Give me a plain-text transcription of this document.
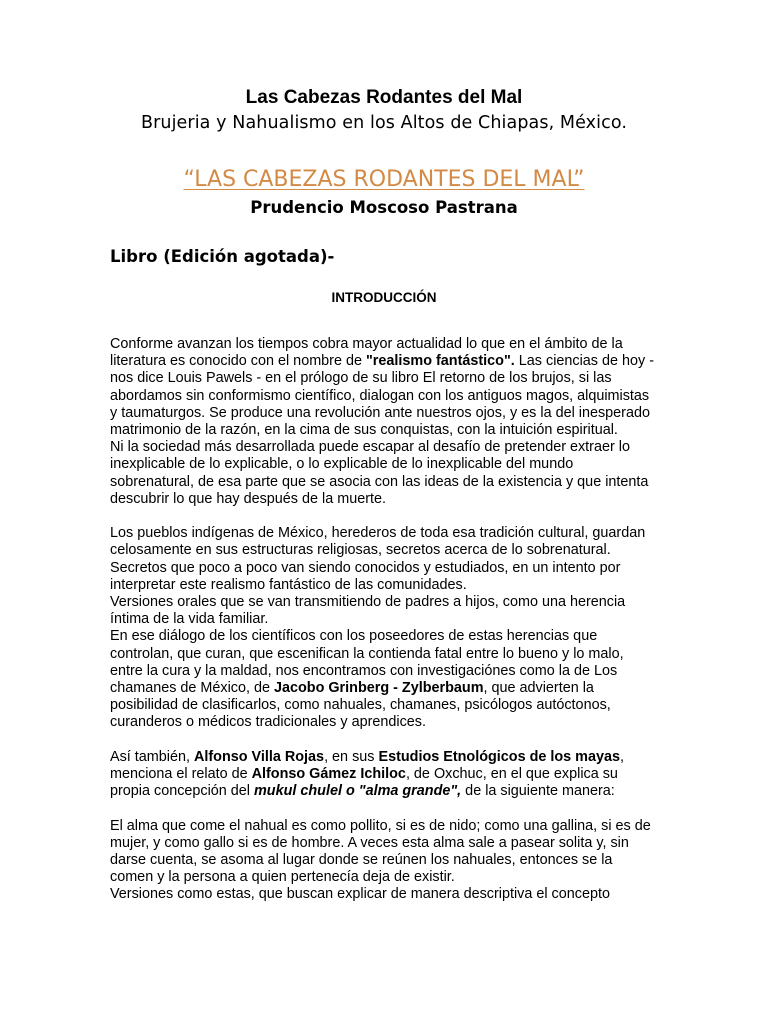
Las Cabezas Rodantes del Mal
Brujeria y Nahualismo en los Altos de Chiapas, México.
“LAS CABEZAS RODANTES DEL MAL”
Prudencio Moscoso Pastrana
Libro (Edición agotada)-
INTRODUCCIÓN

Conforme avanzan los tiempos cobra mayor actualidad lo que en el ámbito de la literatura es conocido con el nombre de "realismo fantástico". Las ciencias de hoy - nos dice Louis Pawels - en el prólogo de su libro El retorno de los brujos, si las abordamos sin conformismo científico, dialogan con los antiguos magos, alquimistas y taumaturgos. Se produce una revolución ante nuestros ojos, y es la del inesperado matrimonio de la razón, en la cima de sus conquistas, con la intuición espiritual.

Ni la sociedad más desarrollada puede escapar al desafío de pretender extraer lo inexplicable de lo explicable, o lo explicable de lo inexplicable del mundo sobrenatural, de esa parte que se asocia con las ideas de la existencia y que intenta descubrir lo que hay después de la muerte.

Los pueblos indígenas de México, herederos de toda esa tradición cultural, guardan celosamente en sus estructuras religiosas, secretos acerca de lo sobrenatural. Secretos que poco a poco van siendo conocidos y estudiados, en un intento por interpretar este realismo fantástico de las comunidades.

Versiones orales que se van transmitiendo de padres a hijos, como una herencia íntima de la vida familiar.

En ese diálogo de los científicos con los poseedores de estas herencias que controlan, que curan, que escenifican la contienda fatal entre lo bueno y lo malo, entre la cura y la maldad, nos encontramos con investigaciónes como la de Los chamanes de México, de Jacobo Grinberg - Zylberbaum, que advierten la posibilidad de clasificarlos, como nahuales, chamanes, psicólogos autóctonos, curanderos o médicos tradicionales y aprendices.

Así también, Alfonso Villa Rojas, en sus Estudios Etnológicos de los mayas, menciona el relato de Alfonso Gámez Ichiloc, de Oxchuc, en el que explica su propia concepción del mukul chulel o "alma grande", de la siguiente manera:

El alma que come el nahual es como pollito, si es de nido; como una gallina, si es de mujer, y como gallo si es de hombre. A veces esta alma sale a pasear solita y, sin darse cuenta, se asoma al lugar donde se reúnen los nahuales, entonces se la comen y la persona a quien pertenecía deja de existir.

Versiones como estas, que buscan explicar de manera descriptiva el concepto
